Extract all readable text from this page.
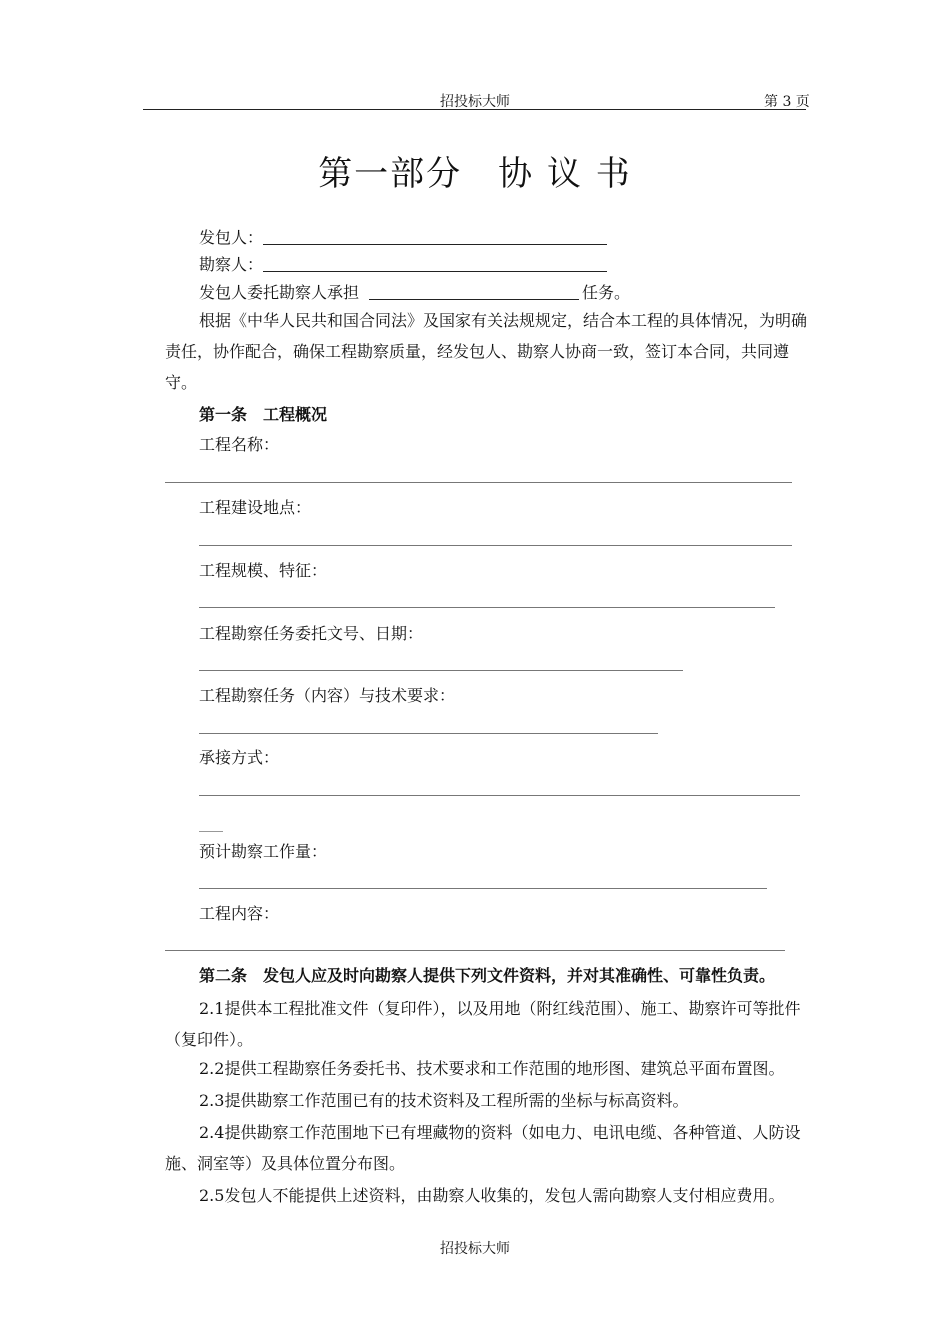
招投标大师	第 3 页
第一部分　协 议 书
发包人：
勘察人：
发包人委托勘察人承担	任务。
根据《中华人民共和国合同法》及国家有关法规规定，结合本工程的具体情况，为明确责任，协作配合，确保工程勘察质量，经发包人、勘察人协商一致，签订本合同，共同遵守。
第一条　工程概况
工程名称：
工程建设地点：
工程规模、特征：
工程勘察任务委托文号、日期：
工程勘察任务（内容）与技术要求：
承接方式：
___
预计勘察工作量：
工程内容：
第二条　发包人应及时向勘察人提供下列文件资料，并对其准确性、可靠性负责。
2.1提供本工程批准文件（复印件），以及用地（附红线范围）、施工、勘察许可等批件（复印件）。
2.2提供工程勘察任务委托书、技术要求和工作范围的地形图、建筑总平面布置图。
2.3提供勘察工作范围已有的技术资料及工程所需的坐标与标高资料。
2.4提供勘察工作范围地下已有埋藏物的资料（如电力、电讯电缆、各种管道、人防设施、洞室等）及具体位置分布图。
2.5发包人不能提供上述资料，由勘察人收集的，发包人需向勘察人支付相应费用。
招投标大师
